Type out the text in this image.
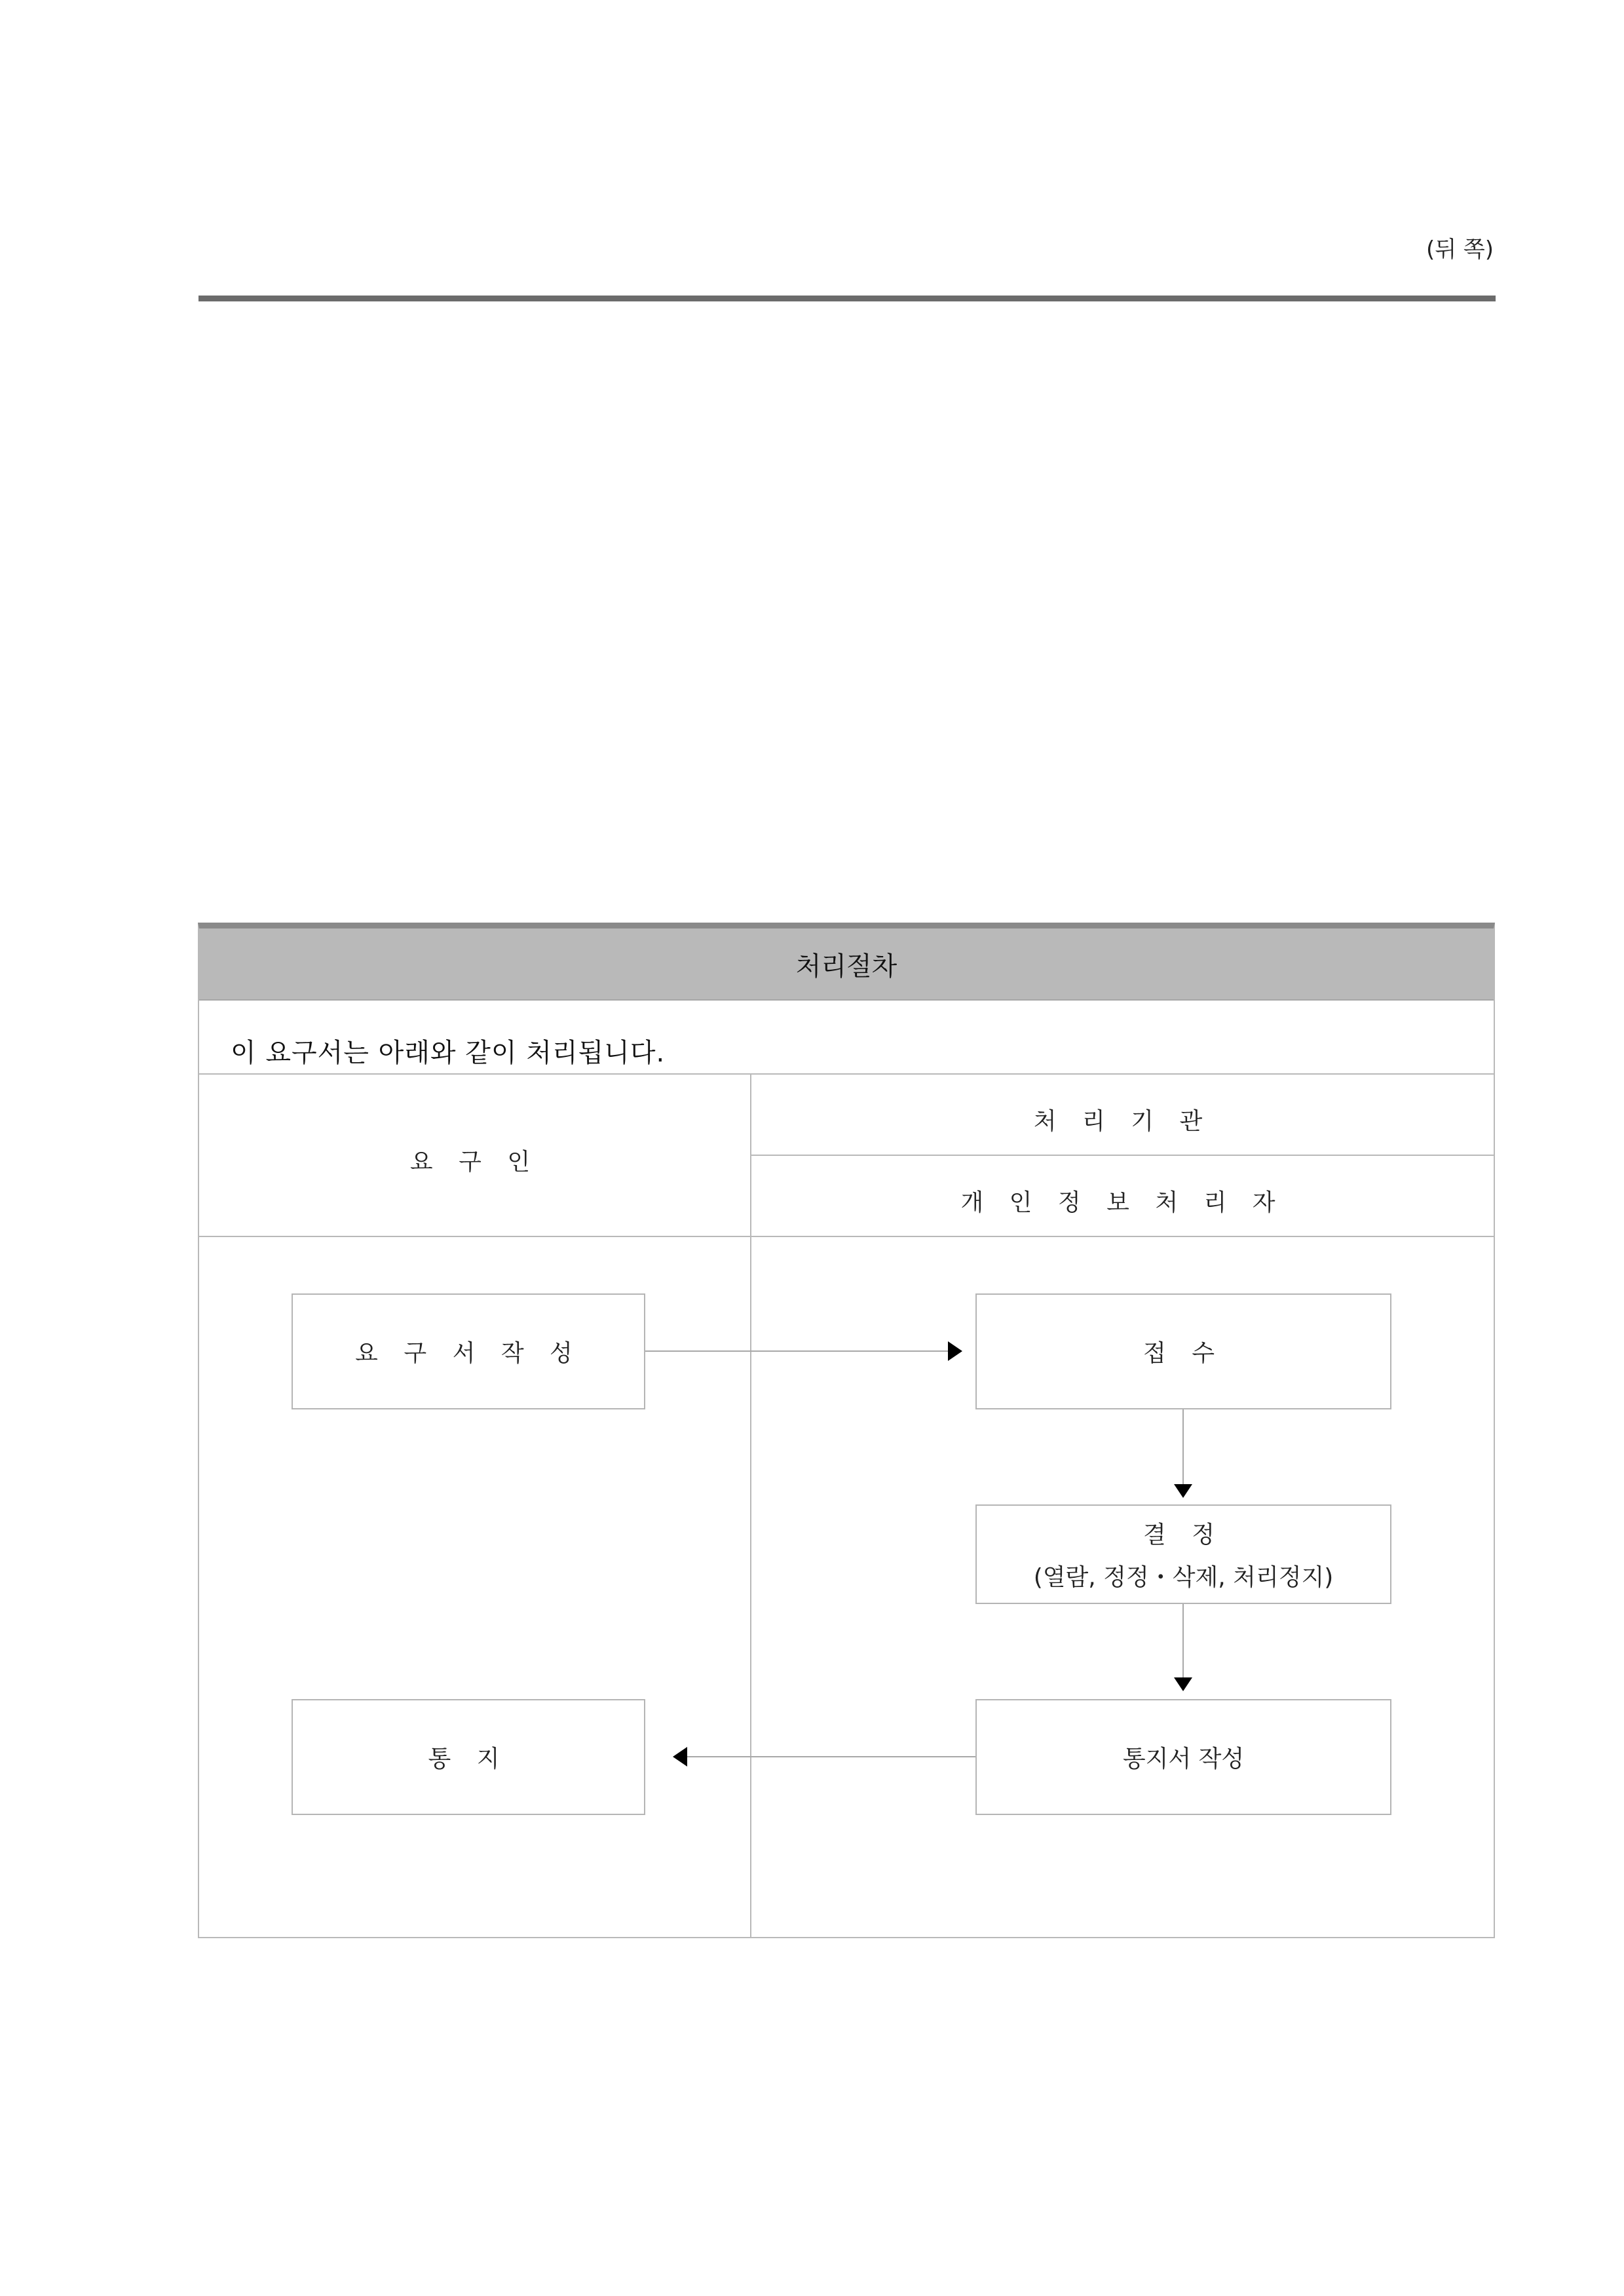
(뒤 쪽)
처리절차
이 요구서는 아래와 같이 처리됩니다.
요 구 인
처 리 기 관
개 인 정 보 처 리 자
요 구 서 작 성	접 수
결 정
(열람, 정정・삭제, 처리정지)
통지서 작성
통 지
